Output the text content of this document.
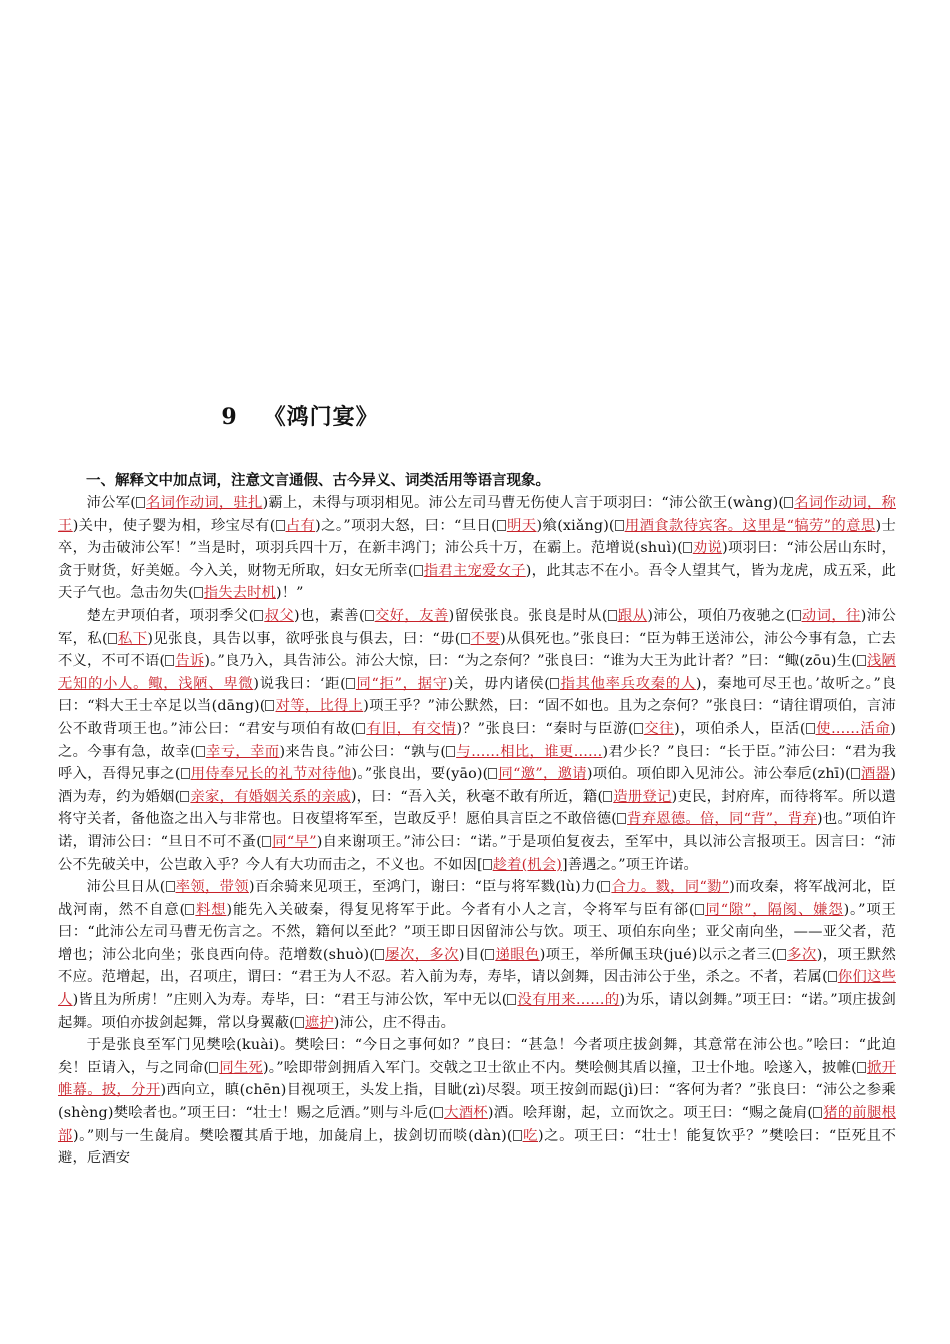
9 《鸿门宴》

一、解释文中加点词，注意文言通假、古今异义、词类活用等语言现象。

沛公军( 名词作动词，驻扎)霸上，未得与项羽相见。沛公左司马曹无伤使人言于项羽曰：“沛公欲王(wàng)( 名词作动词，称王)关中，使子婴为相，珍宝尽有( 占有)之。”项羽大怒，曰：“旦日( 明天)飨(xiǎng)( 用酒食款待宾客。这里是“犒劳”的意思)士卒，为击破沛公军！”当是时，项羽兵四十万，在新丰鸿门；沛公兵十万，在霸上。范增说(shuì)( 劝说)项羽曰：“沛公居山东时，贪于财货，好美姬。今入关，财物无所取，妇女无所幸( 指君主宠爱女子)，此其志不在小。吾令人望其气，皆为龙虎，成五采，此天子气也。急击勿失( 指失去时机)！”

楚左尹项伯者，项羽季父( 叔父)也，素善( 交好，友善)留侯张良。张良是时从( 跟从)沛公，项伯乃夜驰之( 动词，往)沛公军，私( 私下)见张良，具告以事，欲呼张良与俱去，曰：“毋( 不要)从俱死也。”张良曰：“臣为韩王送沛公，沛公今事有急，亡去不义，不可不语( 告诉)。”良乃入，具告沛公。沛公大惊，曰：“为之奈何？”张良曰：“谁为大王为此计者？”曰：“鲰(zōu)生( 浅陋无知的小人。鲰，浅陋、卑微)说我曰：‘距( 同“拒”，据守)关，毋内诸侯( 指其他率兵攻秦的人)，秦地可尽王也。’故听之。”良曰：“料大王士卒足以当(dāng)( 对等，比得上)项王乎？”沛公默然，曰：“固不如也。且为之奈何？”张良曰：“请往谓项伯，言沛公不敢背项王也。”沛公曰：“君安与项伯有故( 有旧，有交情)？”张良曰：“秦时与臣游( 交往)，项伯杀人，臣活( 使……活命)之。今事有急，故幸( 幸亏，幸而)来告良。”沛公曰：“孰与( 与……相比，谁更……)君少长？”良曰：“长于臣。”沛公曰：“君为我呼入，吾得兄事之( 用侍奉兄长的礼节对待他)。”张良出，要(yāo)( 同“邀”，邀请)项伯。项伯即入见沛公。沛公奉卮(zhī)( 酒器)酒为寿，约为婚姻( 亲家，有婚姻关系的亲戚)，曰：“吾入关，秋毫不敢有所近，籍( 造册登记)吏民，封府库，而待将军。所以遣将守关者，备他盗之出入与非常也。日夜望将军至，岂敢反乎！愿伯具言臣之不敢倍德( 背弃恩德。倍，同“背”，背弃)也。”项伯许诺，谓沛公曰：“旦日不可不蚤( 同“早”)自来谢项王。”沛公曰：“诺。”于是项伯复夜去，至军中，具以沛公言报项王。因言曰：“沛公不先破关中，公岂敢入乎？今人有大功而击之，不义也。不如因[ 趁着(机会)]善遇之。”项王许诺。

沛公旦日从( 率领，带领)百余骑来见项王，至鸿门，谢曰：“臣与将军戮(lù)力( 合力。戮，同“勠”)而攻秦，将军战河北，臣战河南，然不自意( 料想)能先入关破秦，得复见将军于此。今者有小人之言，令将军与臣有郤( 同“隙”，隔阂、嫌怨)。”项王曰：“此沛公左司马曹无伤言之。不然，籍何以至此？”项王即日因留沛公与饮。项王、项伯东向坐；亚父南向坐，——亚父者，范增也；沛公北向坐；张良西向侍。范增数(shuò)( 屡次，多次)目( 递眼色)项王，举所佩玉玦(jué)以示之者三( 多次)，项王默然不应。范增起，出，召项庄，谓曰：“君王为人不忍。若入前为寿，寿毕，请以剑舞，因击沛公于坐，杀之。不者，若属( 你们这些人)皆且为所虏！”庄则入为寿。寿毕，曰：“君王与沛公饮，军中无以( 没有用来……的)为乐，请以剑舞。”项王曰：“诺。”项庄拔剑起舞。项伯亦拔剑起舞，常以身翼蔽( 遮护)沛公，庄不得击。

于是张良至军门见樊哙(kuài)。樊哙曰：“今日之事何如？”良曰：“甚急！今者项庄拔剑舞，其意常在沛公也。”哙曰：“此迫矣！臣请入，与之同命( 同生死)。”哙即带剑拥盾入军门。交戟之卫士欲止不内。樊哙侧其盾以撞，卫士仆地。哙遂入，披帷( 掀开帷幕。披，分开)西向立，瞋(chēn)目视项王，头发上指，目眦(zì)尽裂。项王按剑而跽(jì)曰：“客何为者？”张良曰：“沛公之参乘(shèng)樊哙者也。”项王曰：“壮士！赐之卮酒。”则与斗卮( 大酒杯)酒。哙拜谢，起，立而饮之。项王曰：“赐之彘肩( 猪的前腿根部)。”则与一生彘肩。樊哙覆其盾于地，加彘肩上，拔剑切而啖(dàn)( 吃)之。项王曰：“壮士！能复饮乎？”樊哙曰：“臣死且不避，卮酒安
